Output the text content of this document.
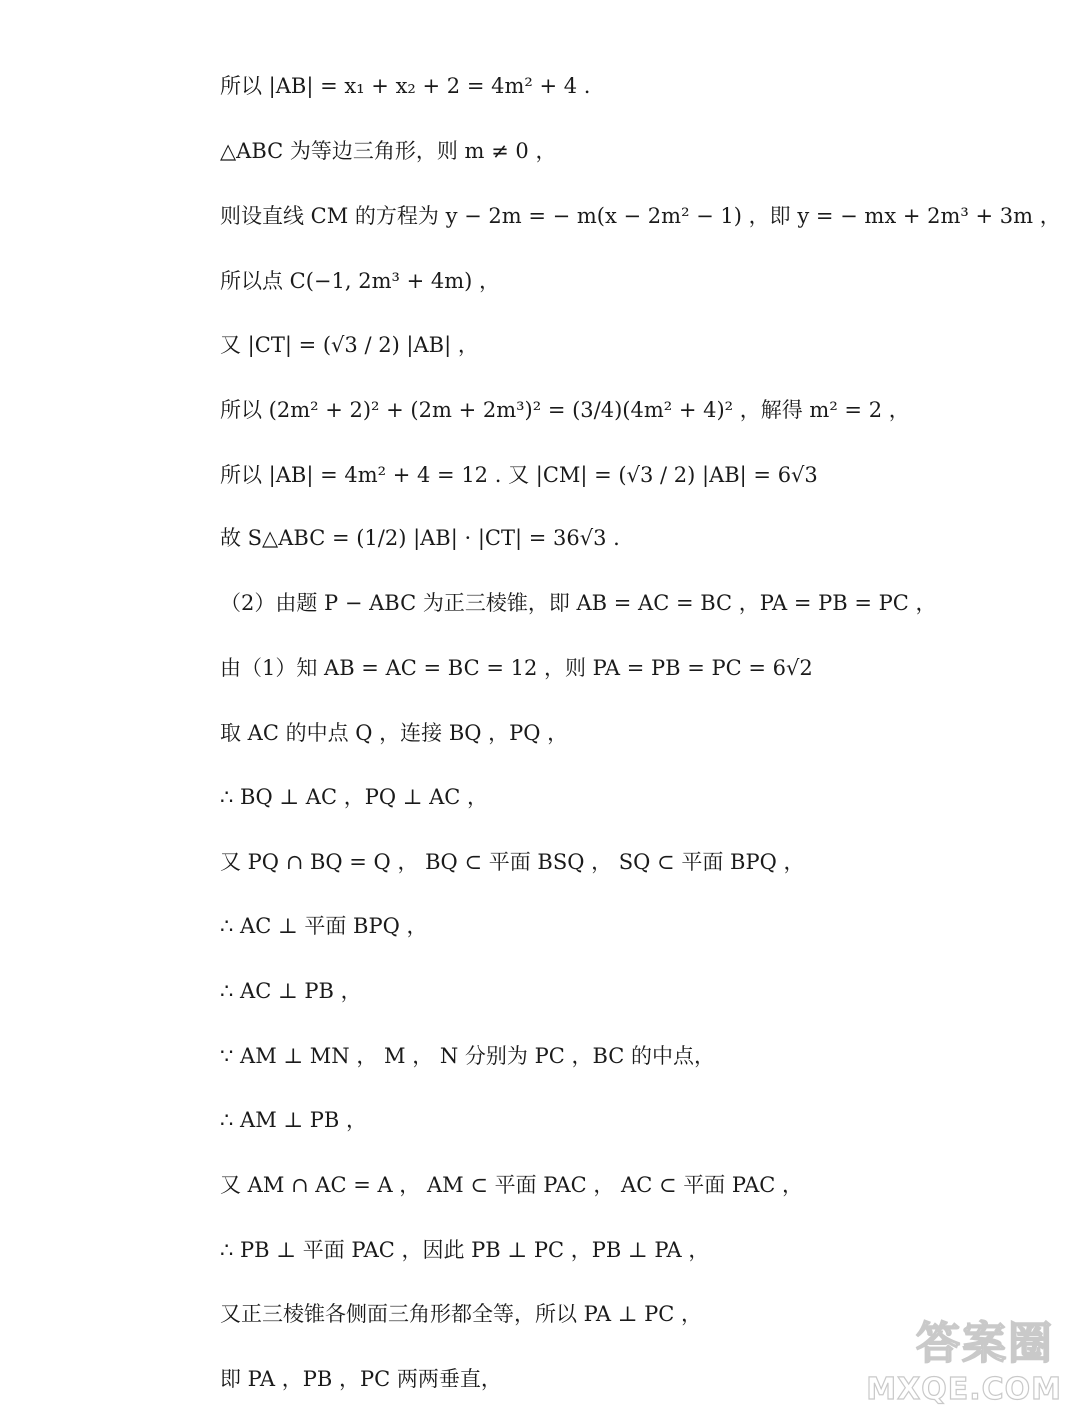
所以 |AB| = x₁ + x₂ + 2 = 4m² + 4 .
△ABC 为等边三角形，则 m ≠ 0 ，
则设直线 CM 的方程为 y − 2m = − m(x − 2m² − 1) ，即 y = − mx + 2m³ + 3m ，
所以点 C(−1, 2m³ + 4m) ，
又 |CT| = (√3 / 2) |AB| ，
所以 (2m² + 2)² + (2m + 2m³)² = (3/4)(4m² + 4)² ，解得 m² = 2 ，
所以 |AB| = 4m² + 4 = 12 . 又 |CM| = (√3 / 2) |AB| = 6√3
故 S△ABC = (1/2) |AB| · |CT| = 36√3 .
（2）由题 P − ABC 为正三棱锥，即 AB = AC = BC ，PA = PB = PC ，
由（1）知 AB = AC = BC = 12 ，则 PA = PB = PC = 6√2
取 AC 的中点 Q ，连接 BQ ，PQ ，
∴ BQ ⊥ AC ，PQ ⊥ AC ，
又 PQ ∩ BQ = Q ， BQ ⊂ 平面 BSQ ， SQ ⊂ 平面 BPQ ，
∴ AC ⊥ 平面 BPQ ，
∴ AC ⊥ PB ，
∵ AM ⊥ MN ， M ， N 分别为 PC ，BC 的中点，
∴ AM ⊥ PB ，
又 AM ∩ AC = A ， AM ⊂ 平面 PAC ， AC ⊂ 平面 PAC ，
∴ PB ⊥ 平面 PAC ，因此 PB ⊥ PC ，PB ⊥ PA ，
又正三棱锥各侧面三角形都全等，所以 PA ⊥ PC ，
即 PA ，PB ，PC 两两垂直，
答案圈
MXQE.COM
